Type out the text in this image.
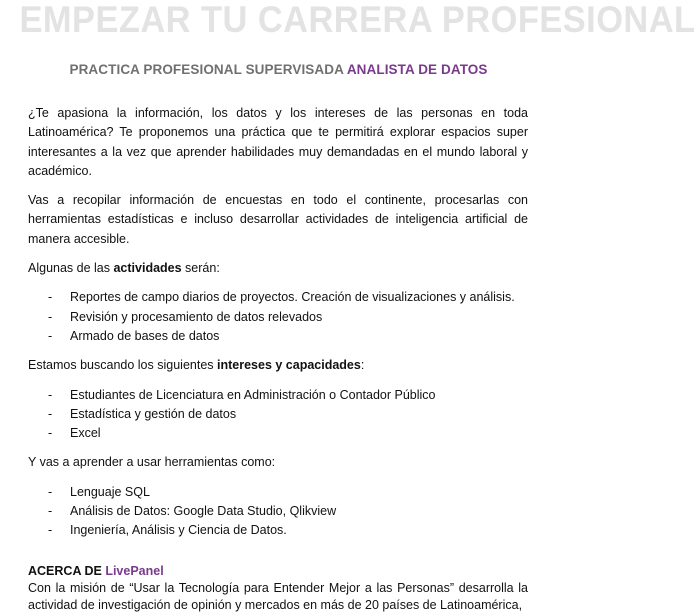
EMPEZAR TU CARRERA PROFESIONAL
PRACTICA PROFESIONAL SUPERVISADA ANALISTA DE DATOS

¿Te apasiona la información, los datos y los intereses de las personas en toda Latinoamérica? Te proponemos una práctica que te permitirá explorar espacios super interesantes a la vez que aprender habilidades muy demandadas en el mundo laboral y académico.

Vas a recopilar información de encuestas en todo el continente, procesarlas con herramientas estadísticas e incluso desarrollar actividades de inteligencia artificial de manera accesible.

Algunas de las actividades serán:

- Reportes de campo diarios de proyectos. Creación de visualizaciones y análisis.
- Revisión y procesamiento de datos relevados
- Armado de bases de datos

Estamos buscando los siguientes intereses y capacidades:

- Estudiantes de Licenciatura en Administración o Contador Público
- Estadística y gestión de datos
- Excel

Y vas a aprender a usar herramientas como:

- Lenguaje SQL
- Análisis de Datos: Google Data Studio, Qlikview
- Ingeniería, Análisis y Ciencia de Datos.
ACERCA DE LivePanel
Con la misión de “Usar la Tecnología para Entender Mejor a las Personas” desarrolla la actividad de investigación de opinión y mercados en más de 20 países de Latinoamérica,
